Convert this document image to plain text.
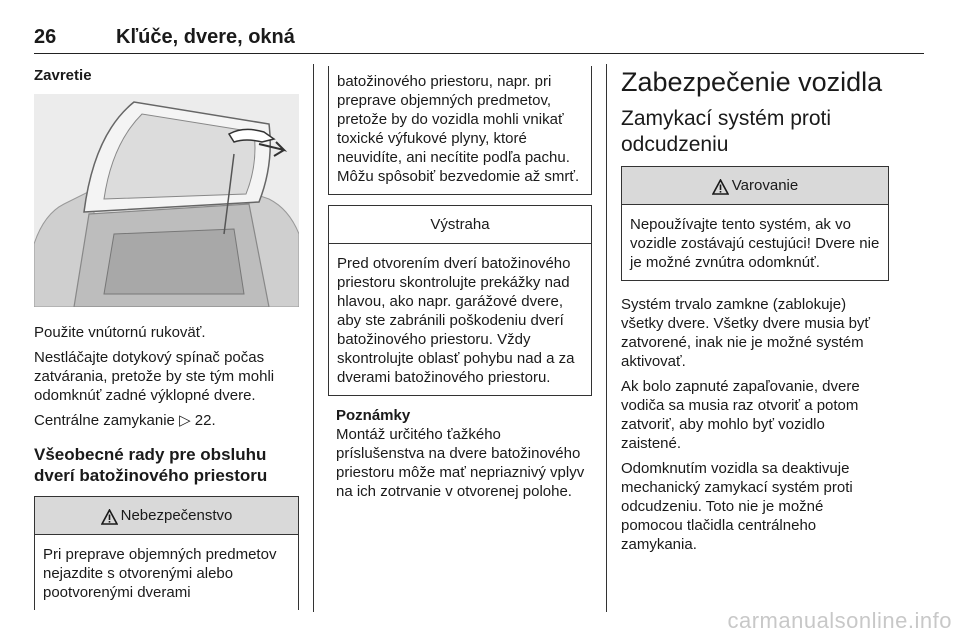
26	Kľúče, dvere, okná
Zavretie
Použite vnútornú rukoväť.
Nestláčajte dotykový spínač počas zatvárania, pretože by ste tým mohli odomknúť zadné výklopné dvere.
Centrálne zamykanie ▷ 22.
Všeobecné rady pre obsluhu dverí batožinového priestoru
Nebezpečenstvo
Pri preprave objemných predmetov nejazdite s otvorenými alebo pootvorenými dverami
batožinového priestoru, napr. pri preprave objemných predmetov, pretože by do vozidla mohli vnikať toxické výfukové plyny, ktoré neuvidíte, ani necítite podľa pachu. Môžu spôsobiť bezvedomie až smrť.
Výstraha
Pred otvorením dverí batožinového priestoru skontrolujte prekážky nad hlavou, ako napr. garážové dvere, aby ste zabránili poškodeniu dverí batožinového priestoru. Vždy skontrolujte oblasť pohybu nad a za dverami batožinového priestoru.
Poznámky
Montáž určitého ťažkého príslušenstva na dvere batožinového priestoru môže mať nepriaznivý vplyv na ich zotrvanie v otvorenej polohe.
Zabezpečenie vozidla
Zamykací systém proti odcudzeniu
Varovanie
Nepoužívajte tento systém, ak vo vozidle zostávajú cestujúci! Dvere nie je možné zvnútra odomknúť.
Systém trvalo zamkne (zablokuje) všetky dvere. Všetky dvere musia byť zatvorené, inak nie je možné systém aktivovať.
Ak bolo zapnuté zapaľovanie, dvere vodiča sa musia raz otvoriť a potom zatvoriť, aby mohlo byť vozidlo zaistené.
Odomknutím vozidla sa deaktivuje mechanický zamykací systém proti odcudzeniu. Toto nie je možné pomocou tlačidla centrálneho zamykania.
carmanualsonline.info
